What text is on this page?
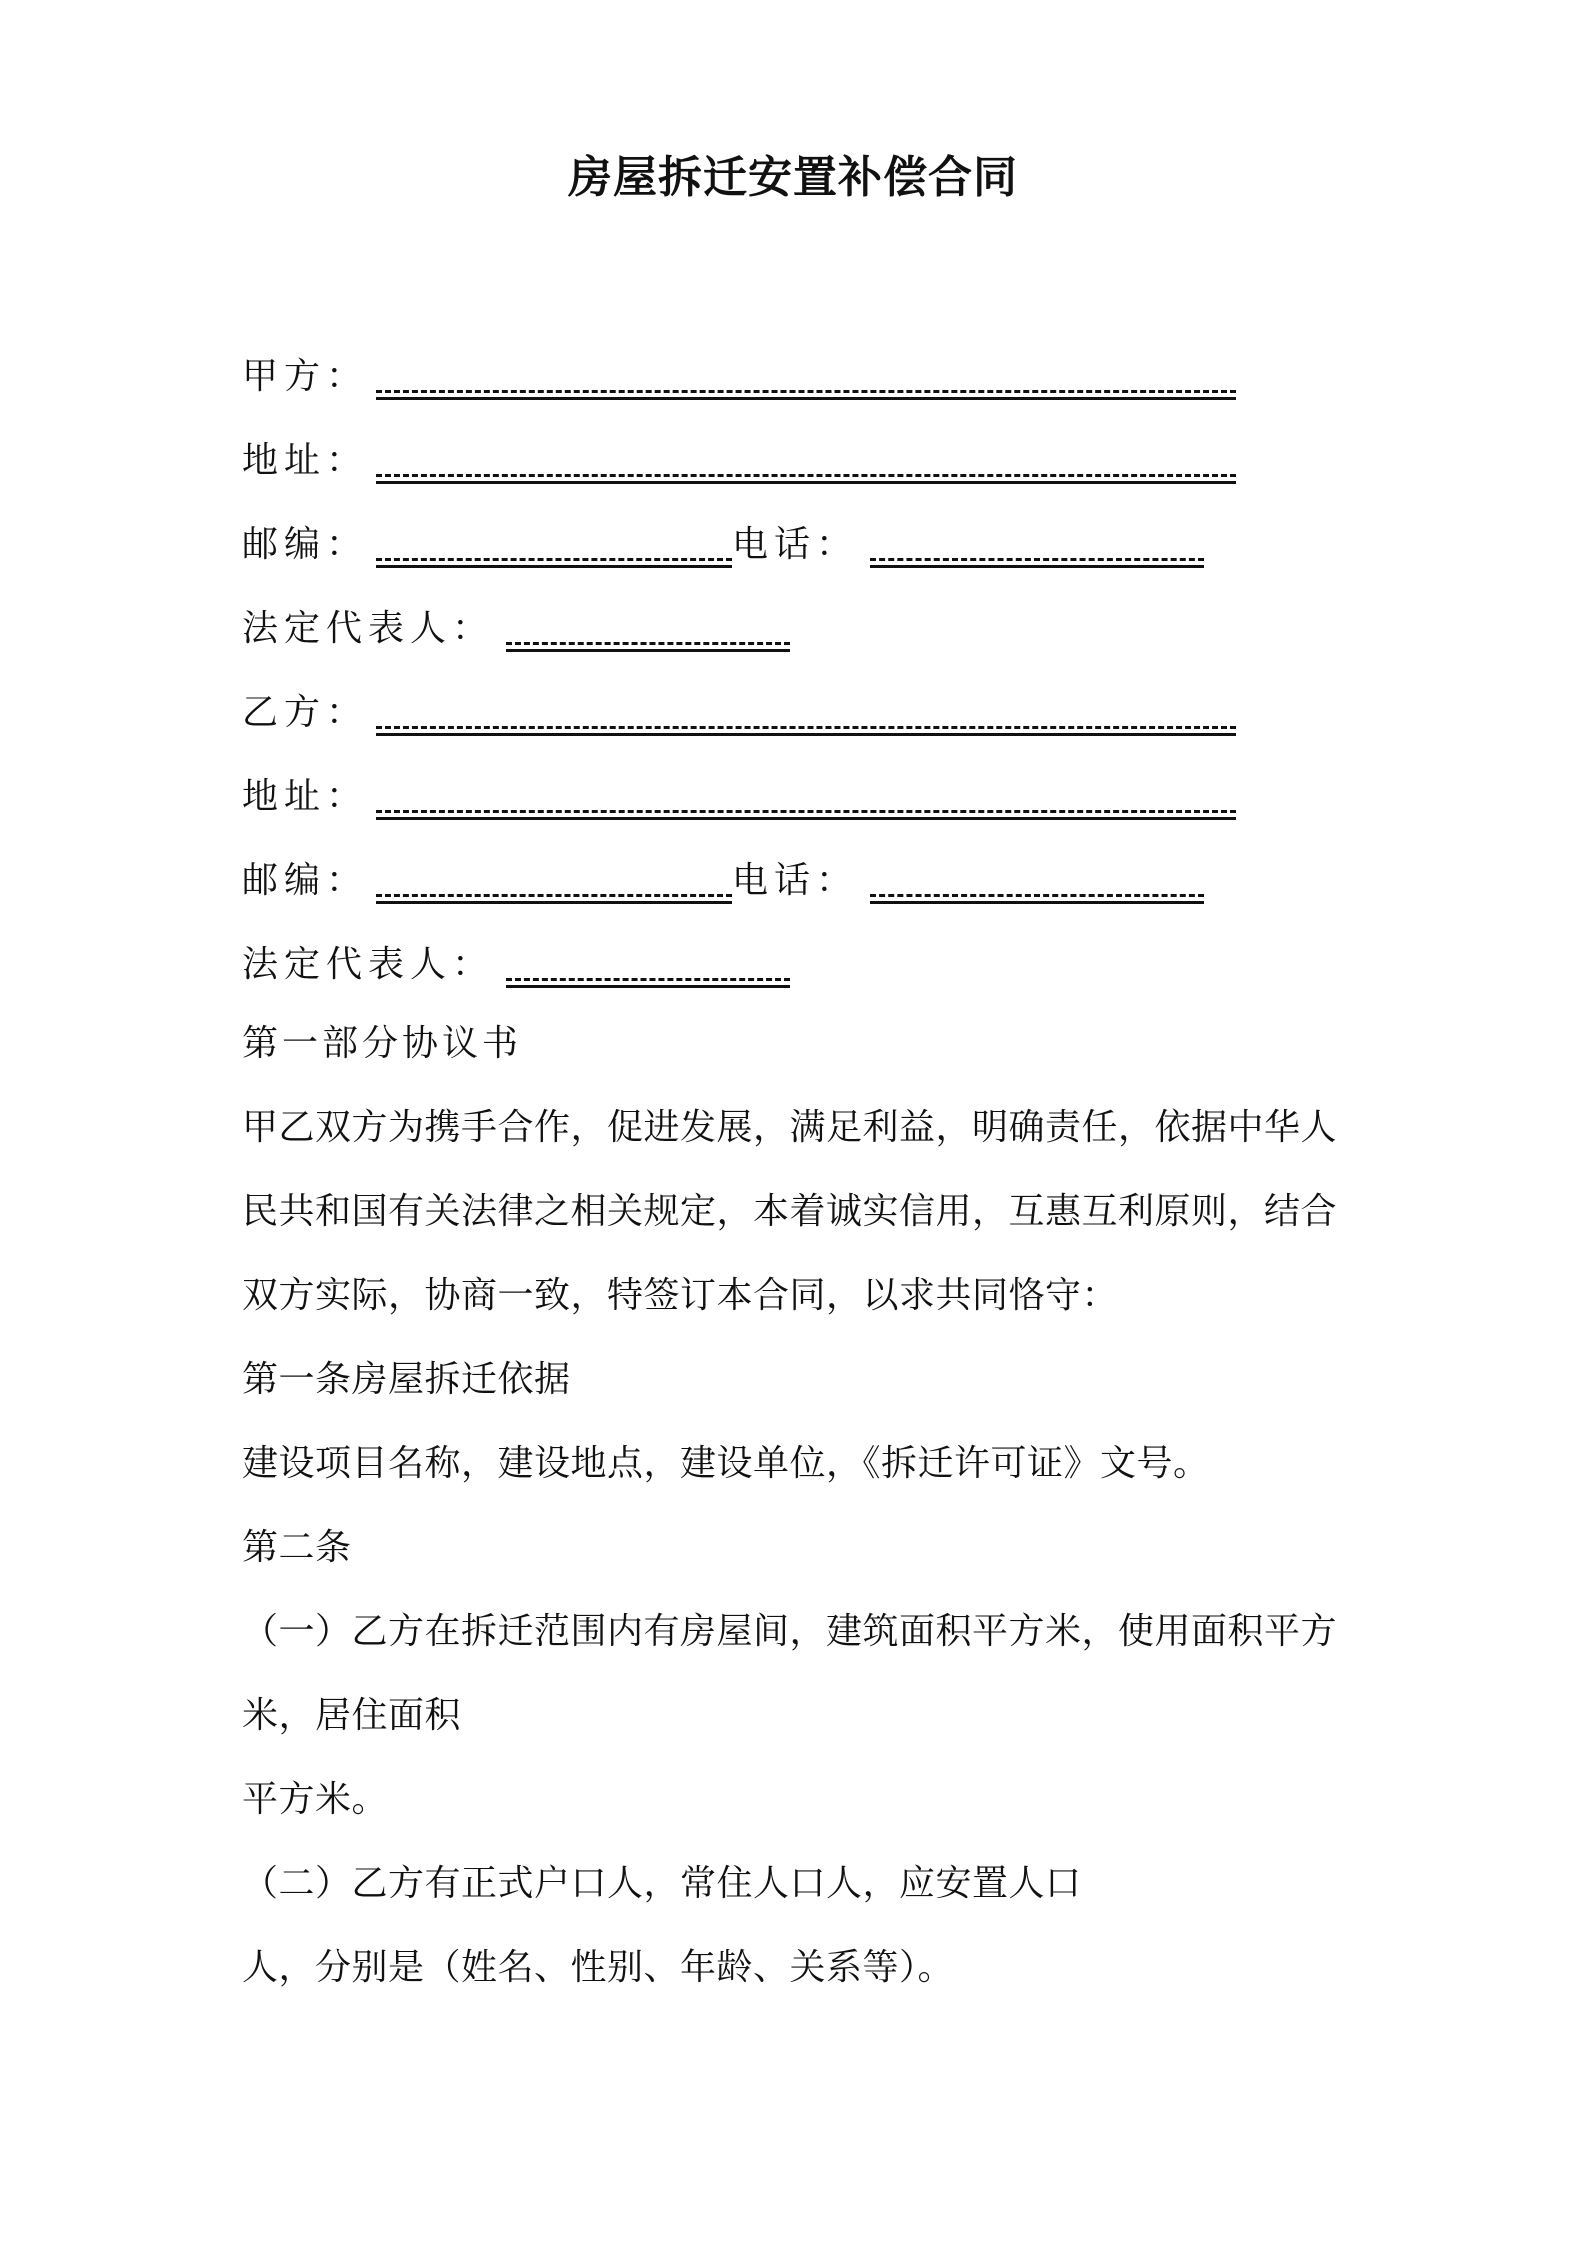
房屋拆迁安置补偿合同
甲方：
地址：
邮编：	电话：
法定代表人：
乙方：
地址：
邮编：	电话：
法定代表人：
第一部分协议书
甲乙双方为携手合作，促进发展，满足利益，明确责任，依据中华人
民共和国有关法律之相关规定，本着诚实信用，互惠互利原则，结合
双方实际，协商一致，特签订本合同，以求共同恪守：
第一条房屋拆迁依据
建设项目名称，建设地点，建设单位，《拆迁许可证》文号。
第二条
（一）乙方在拆迁范围内有房屋间，建筑面积平方米，使用面积平方
米，居住面积
平方米。
（二）乙方有正式户口人，常住人口人，应安置人口
人，分别是（姓名、性别、年龄、关系等）。
